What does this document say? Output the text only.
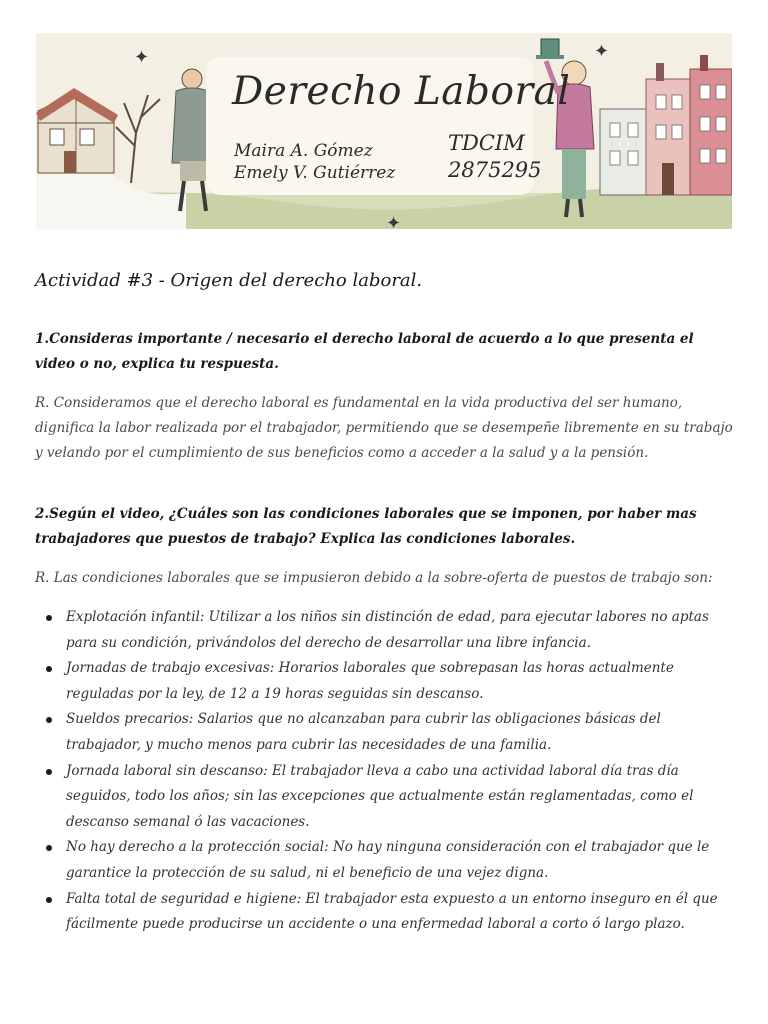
✦	✦
✦
Derecho Laboral
Maira A. Gómez
Emely V. Gutiérrez
TDCIM
2875295

Actividad #3 - Origen del derecho laboral.

1.Consideras importante / necesario el derecho laboral de acuerdo a lo que presenta el video o no, explica tu respuesta.

R. Consideramos que el derecho laboral es fundamental en la vida productiva del ser humano, dignifica la labor realizada por el trabajador, permitiendo que se desempeñe libremente en su trabajo y velando por el cumplimiento de sus beneficios como a acceder a la salud y a la pensión.

2.Según el video, ¿Cuáles son las condiciones laborales que se imponen, por haber mas trabajadores que puestos de trabajo? Explica las condiciones laborales.

R. Las condiciones laborales que se impusieron debido a la sobre-oferta de puestos de trabajo son:

Explotación infantil: Utilizar a los niños sin distinción de edad, para ejecutar labores no aptas para su condición, privándolos del derecho de desarrollar una libre infancia.
Jornadas de trabajo excesivas: Horarios laborales que sobrepasan las horas actualmente reguladas por la ley, de 12 a 19 horas seguidas sin descanso.
Sueldos precarios: Salarios que no alcanzaban para cubrir las obligaciones básicas del trabajador, y mucho menos para cubrir las necesidades de una familia.
Jornada laboral sin descanso: El trabajador lleva a cabo una actividad laboral día tras día seguidos, todo los años; sin las excepciones que actualmente están reglamentadas, como el descanso semanal ó las vacaciones.
No hay derecho a la protección social: No hay ninguna consideración con el trabajador que le garantice la protección de su salud, ni el beneficio de una vejez digna.
Falta total de seguridad e higiene: El trabajador esta expuesto a un entorno inseguro en él que fácilmente puede producirse un accidente o una enfermedad laboral a corto ó largo plazo.
